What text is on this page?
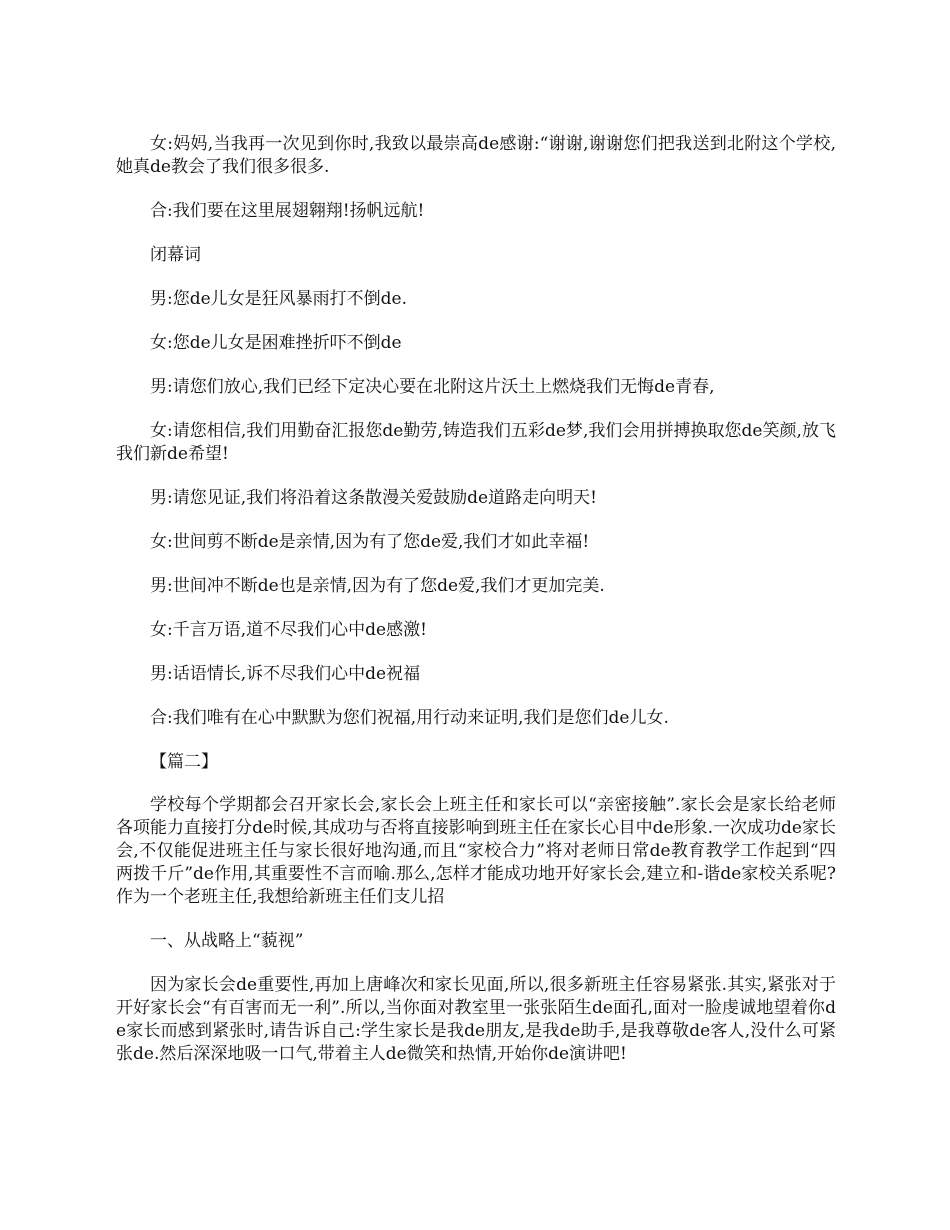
女:妈妈,当我再一次见到你时,我致以最崇高de感谢:“谢谢,谢谢您们把我送到北附这个学校,她真de教会了我们很多很多.

合:我们要在这里展翅翱翔!扬帆远航!

闭幕词

男:您de儿女是狂风暴雨打不倒de.

女:您de儿女是困难挫折吓不倒de

男:请您们放心,我们已经下定决心要在北附这片沃土上燃烧我们无悔de青春,

女:请您相信,我们用勤奋汇报您de勤劳,铸造我们五彩de梦,我们会用拼搏换取您de笑颜,放飞我们新de希望!

男:请您见证,我们将沿着这条散漫关爱鼓励de道路走向明天!

女:世间剪不断de是亲情,因为有了您de爱,我们才如此幸福!

男:世间冲不断de也是亲情,因为有了您de爱,我们才更加完美.

女:千言万语,道不尽我们心中de感激!

男:话语情长,诉不尽我们心中de祝福

合:我们唯有在心中默默为您们祝福,用行动来证明,我们是您们de儿女.

【篇二】

学校每个学期都会召开家长会,家长会上班主任和家长可以“亲密接触”.家长会是家长给老师各项能力直接打分de时候,其成功与否将直接影响到班主任在家长心目中de形象.一次成功de家长会,不仅能促进班主任与家长很好地沟通,而且“家校合力”将对老师日常de教育教学工作起到“四两拨千斤”de作用,其重要性不言而喻.那么,怎样才能成功地开好家长会,建立和-谐de家校关系呢?作为一个老班主任,我想给新班主任们支儿招

一、从战略上“藐视”

因为家长会de重要性,再加上唐峰次和家长见面,所以,很多新班主任容易紧张.其实,紧张对于开好家长会“有百害而无一利”.所以,当你面对教室里一张张陌生de面孔,面对一脸虔诚地望着你de家长而感到紧张时,请告诉自己:学生家长是我de朋友,是我de助手,是我尊敬de客人,没什么可紧张de.然后深深地吸一口气,带着主人de微笑和热情,开始你de演讲吧!
